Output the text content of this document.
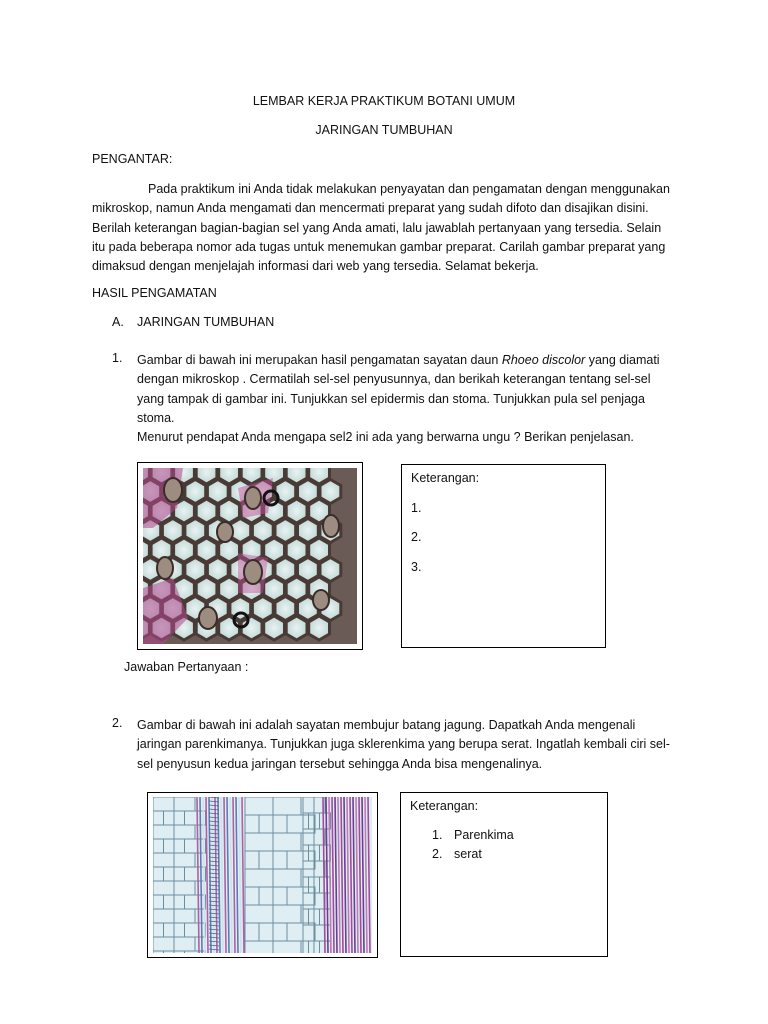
LEMBAR KERJA PRAKTIKUM BOTANI UMUM
JARINGAN TUMBUHAN
PENGANTAR:
Pada praktikum ini Anda tidak melakukan penyayatan dan pengamatan dengan menggunakan
mikroskop, namun Anda mengamati dan mencermati preparat yang sudah difoto dan disajikan disini.
Berilah keterangan bagian-bagian sel yang Anda amati, lalu jawablah pertanyaan yang tersedia. Selain
itu pada beberapa nomor ada tugas untuk menemukan gambar preparat. Carilah gambar preparat yang
dimaksud dengan menjelajah informasi dari web yang tersedia. Selamat bekerja.
HASIL PENGAMATAN
A. JARINGAN TUMBUHAN
1. Gambar di bawah ini merupakan hasil pengamatan sayatan daun Rhoeo discolor yang diamati
dengan mikroskop . Cermatilah sel-sel penyusunnya, dan berikah keterangan tentang sel-sel
yang tampak di gambar ini. Tunjukkan sel epidermis dan stoma. Tunjukkan pula sel penjaga
stoma.
Menurut pendapat Anda mengapa sel2 ini ada yang berwarna ungu ? Berikan penjelasan.
Keterangan:
1.
2.
3.
Jawaban Pertanyaan :
2. Gambar di bawah ini adalah sayatan membujur batang jagung. Dapatkah Anda mengenali
jaringan parenkimanya. Tunjukkan juga sklerenkima yang berupa serat. Ingatlah kembali ciri sel-
sel penyusun kedua jaringan tersebut sehingga Anda bisa mengenalinya.
Keterangan:
1. Parenkima
2. serat
